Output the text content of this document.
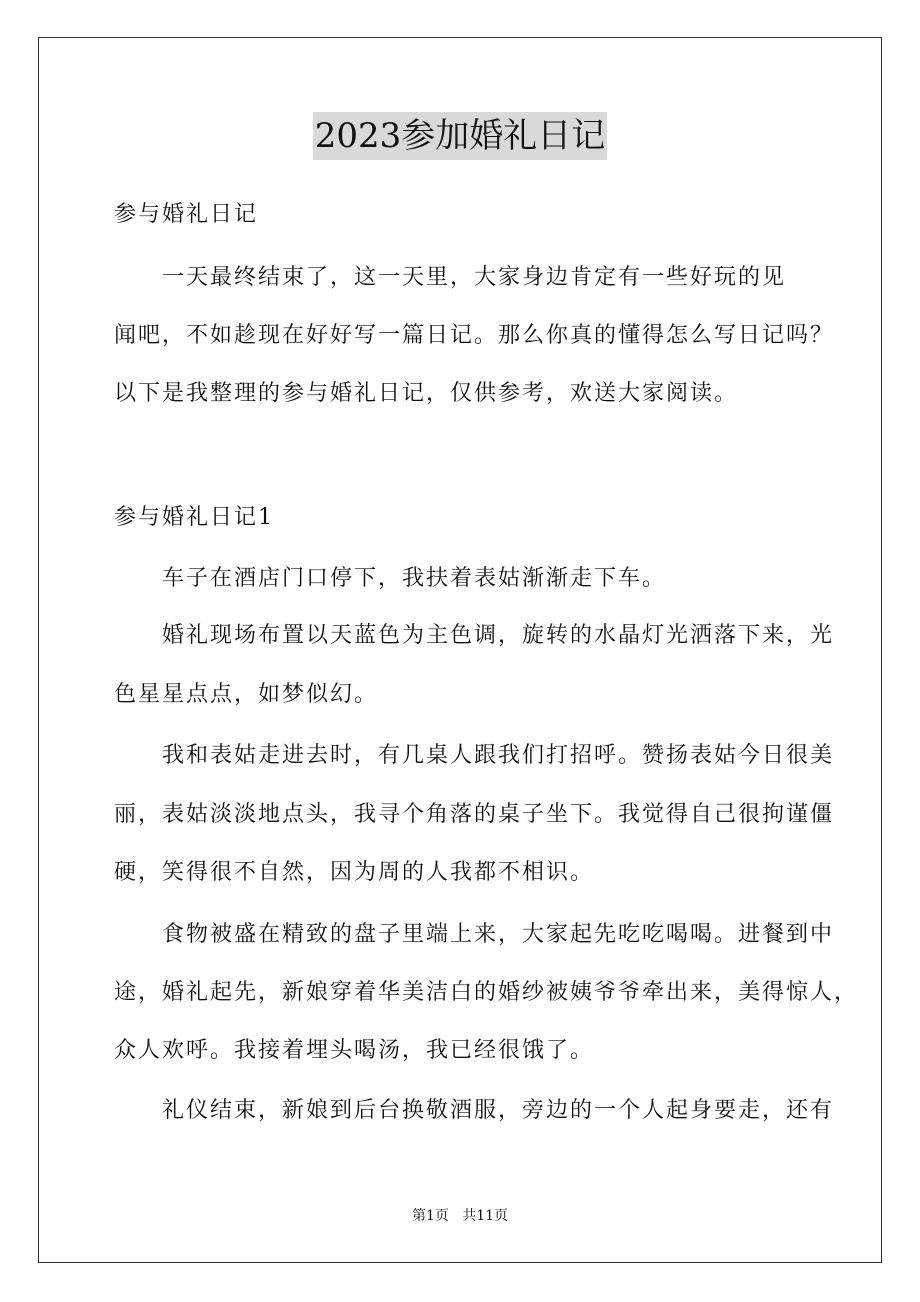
2023参加婚礼日记
参与婚礼日记
　　一天最终结束了，这一天里，大家身边肯定有一些好玩的见
闻吧，不如趁现在好好写一篇日记。那么你真的懂得怎么写日记吗？
以下是我整理的参与婚礼日记，仅供参考，欢送大家阅读。
参与婚礼日记1
　　车子在酒店门口停下，我扶着表姑渐渐走下车。
　　婚礼现场布置以天蓝色为主色调，旋转的水晶灯光洒落下来，光
色星星点点，如梦似幻。
　　我和表姑走进去时，有几桌人跟我们打招呼。赞扬表姑今日很美
丽，表姑淡淡地点头，我寻个角落的桌子坐下。我觉得自己很拘谨僵
硬，笑得很不自然，因为周的人我都不相识。
　　食物被盛在精致的盘子里端上来，大家起先吃吃喝喝。进餐到中
途，婚礼起先，新娘穿着华美洁白的婚纱被姨爷爷牵出来，美得惊人，
众人欢呼。我接着埋头喝汤，我已经很饿了。
　　礼仪结束，新娘到后台换敬酒服，旁边的一个人起身要走，还有
第1页   共11页
